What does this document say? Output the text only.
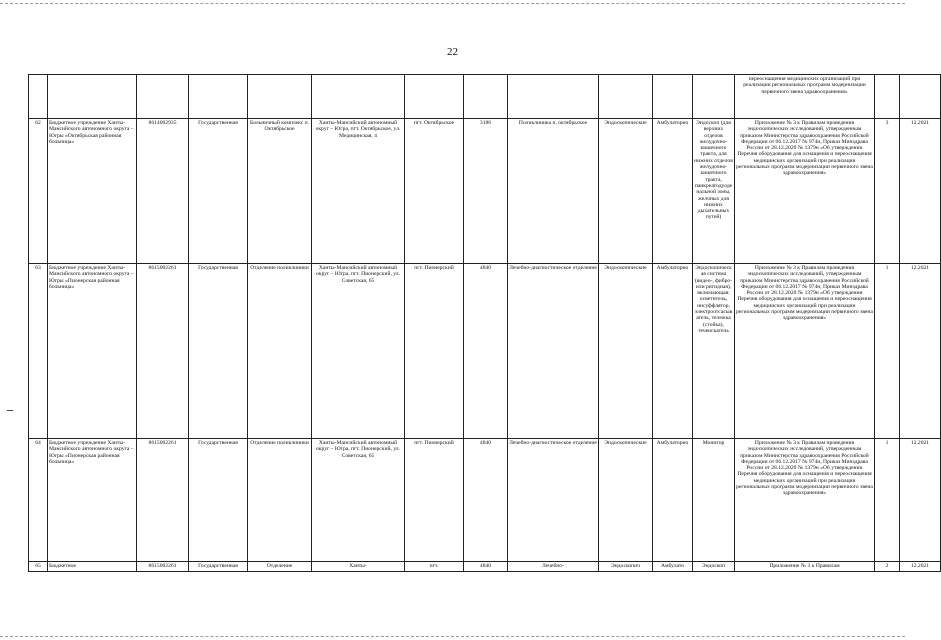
22
												переоснащения медицинских организаций при реализации региональных программ модернизации первичного звена здравоохранения»		
62	Бюджетное учреждение Ханты-Мансийского автономного округа – Югры «Октябрьская районная больница»	8614002935	Государственная	Больничный комплекс п. Октябрьское	Ханты-Мансийский автономный округ – Югра, пгт. Октябрьское, ул. Медицинская, 4	пгт. Октябрьское	3186	Поликлиника п. октябрьское	Эндоскопические	Амбулаторно	Эндоскоп (для верхних отделов желудочно-кишечного тракта, для нижних отделов желудочно-кишечного тракта, панкреатодуоденальной зоны, желчных для нижних дыхательных путей)	Приложение № 3 к Правилам проведения эндоскопических исследований, утвержденным приказом Министерства здравоохранения Российской Федерации от 06.12.2017 № 974н, Приказ Минздрава России от 28.12.2020 № 1379н «Об утверждении Перечня оборудования для оснащения и переоснащения медицинских организаций при реализации региональных программ модернизации первичного звена здравоохранения»	3	12.2021
63	Бюджетное учреждение Ханты-Мансийского автономного округа – Югры «Пионерская районная больница»	8615002261	Государственная	Отделение поликлиники	Ханты-Мансийский автономный округ – Югра, пгт. Пионерский, ул. Советская, 65	пгт. Пионерский	4840	Лечебно-диагностическое отделение	Эндоскопические	Амбулаторно	Эндоскопическая система (видео-, фибро- или ригидная), включающая: осветитель, инсуффлятор, электроотсасыватель, тележка (стойка), течеискатель	Приложение № 3 к Правилам проведения эндоскопических исследований, утвержденным приказом Министерства здравоохранения Российской Федерации от 06.12.2017 № 974н, Приказ Минздрава России от 28.12.2020 № 1379н «Об утверждении Перечня оборудования для оснащения и переоснащения медицинских организаций при реализации региональных программ модернизации первичного звена здравоохранения»	1	12.2021
64	Бюджетное учреждение Ханты-Мансийского автономного округа – Югры «Пионерская районная больница»	8615002261	Государственная	Отделение поликлиники	Ханты-Мансийский автономный округ – Югра, пгт. Пионерский, ул. Советская, 65	пгт. Пионерский	4840	Лечебно-диагностическое отделение	Эндоскопические	Амбулаторно	Монитор	Приложение № 3 к Правилам проведения эндоскопических исследований, утвержденным приказом Министерства здравоохранения Российской Федерации от 06.12.2017 № 974н, Приказ Минздрава России от 28.12.2020 № 1379н «Об утверждении Перечня оборудования для оснащения и переоснащения медицинских организаций при реализации региональных программ модернизации первичного звена здравоохранения»	1	12.2021
65	Бюджетное	8615002261	Государственная	Отделение	Ханты-	пгт.	4840	Лечебно-	Эндоскопич	Амбулато	Эндоскоп	Приложение № 3 к Правилам	2	12.2021
